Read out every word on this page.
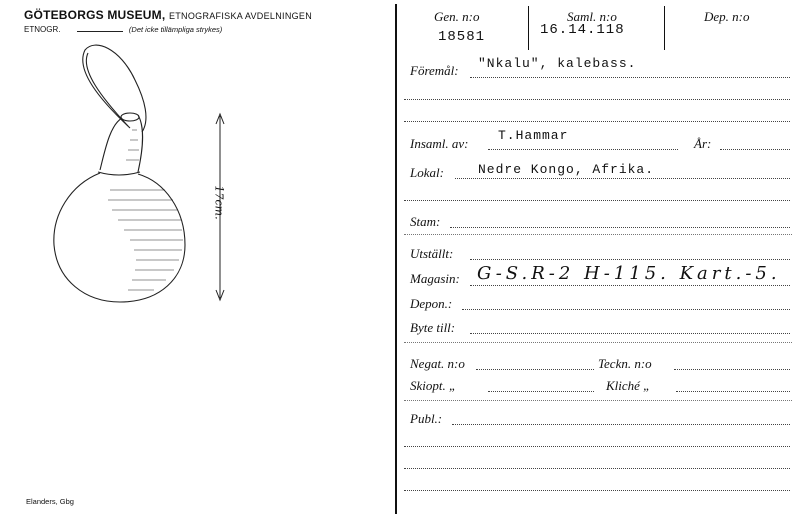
GÖTEBORGS MUSEUM, ETNOGRAFISKA AVDELNINGEN
ETNOGR.	(Det icke tillämpliga strykes)
17cm.
Elanders, Gbg
Gen. n:o
18581
Saml. n:o
16.14.118
Dep. n:o
Föremål: "Nkalu", kalebass.
Insaml. av:
T.Hammar
År:
Lokal:	Nedre Kongo, Afrika.
Stam:
Utställt:
Magasin: G-S.R-2 H-115. Kart.-5.
Depon.:
Byte till:
Negat. n:o	Teckn. n:o
Skiopt. „	Kliché „
Publ.:
